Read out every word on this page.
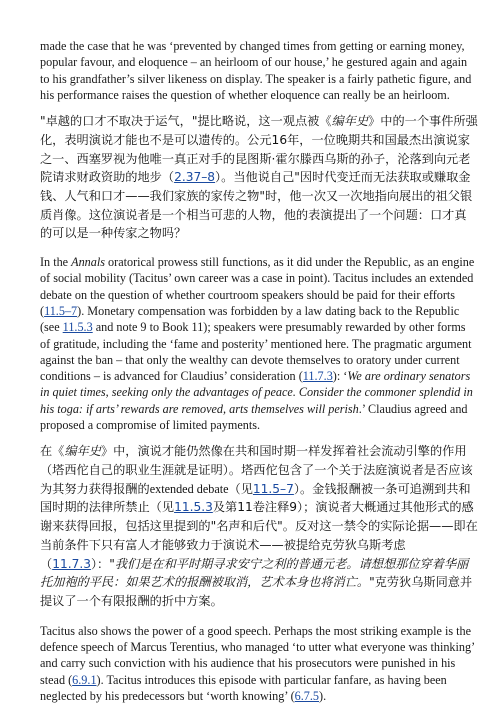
made the case that he was ‘prevented by changed times from getting or earning money, popular favour, and eloquence – an heirloom of our house,’ he gestured again and again to his grandfather’s silver likeness on display. The speaker is a fairly pathetic figure, and his performance raises the question of whether eloquence can really be an heirloom.

"卓越的口才不取决于运气，"提比略说，这一观点被《编年史》中的一个事件所强化，表明演说才能也不是可以遗传的。公元16年，一位晚期共和国最杰出演说家之一、西塞罗视为他唯一真正对手的昆图斯·霍尔滕西乌斯的孙子，沦落到向元老院请求财政资助的地步（2.37–8）。当他说自己"因时代变迁而无法获取或赚取金钱、人气和口才——我们家族的家传之物"时，他一次又一次地指向展出的祖父银质肖像。这位演说者是一个相当可悲的人物，他的表演提出了一个问题：口才真的可以是一种传家之物吗？

In the Annals oratorical prowess still functions, as it did under the Republic, as an engine of social mobility (Tacitus’ own career was a case in point). Tacitus includes an extended debate on the question of whether courtroom speakers should be paid for their efforts (11.5–7). Monetary compensation was forbidden by a law dating back to the Republic (see 11.5.3 and note 9 to Book 11); speakers were presumably rewarded by other forms of gratitude, including the ‘fame and posterity’ mentioned here. The pragmatic argument against the ban – that only the wealthy can devote themselves to oratory under current conditions – is advanced for Claudius’ consideration (11.7.3): ‘We are ordinary senators in quiet times, seeking only the advantages of peace. Consider the commoner splendid in his toga: if arts’ rewards are removed, arts themselves will perish.’ Claudius agreed and proposed a compromise of limited payments.

在《编年史》中，演说才能仍然像在共和国时期一样发挥着社会流动引擎的作用（塔西佗自己的职业生涯就是证明）。塔西佗包含了一个关于法庭演说者是否应该为其努力获得报酬的extended debate（见11.5–7）。金钱报酬被一条可追溯到共和国时期的法律所禁止（见11.5.3及第11卷注释9）；演说者大概通过其他形式的感谢来获得回报，包括这里提到的"名声和后代"。反对这一禁令的实际论据——即在当前条件下只有富人才能够致力于演说术——被提给克劳狄乌斯考虑（11.7.3）："我们是在和平时期寻求安宁之利的普通元老。请想想那位穿着华丽托加袍的平民：如果艺术的报酬被取消，艺术本身也将消亡。"克劳狄乌斯同意并提议了一个有限报酬的折中方案。

Tacitus also shows the power of a good speech. Perhaps the most striking example is the defence speech of Marcus Terentius, who managed ‘to utter what everyone was thinking’ and carry such conviction with his audience that his prosecutors were punished in his stead (6.9.1). Tacitus introduces this episode with particular fanfare, as having been neglected by his predecessors but ‘worth knowing’ (6.7.5).
